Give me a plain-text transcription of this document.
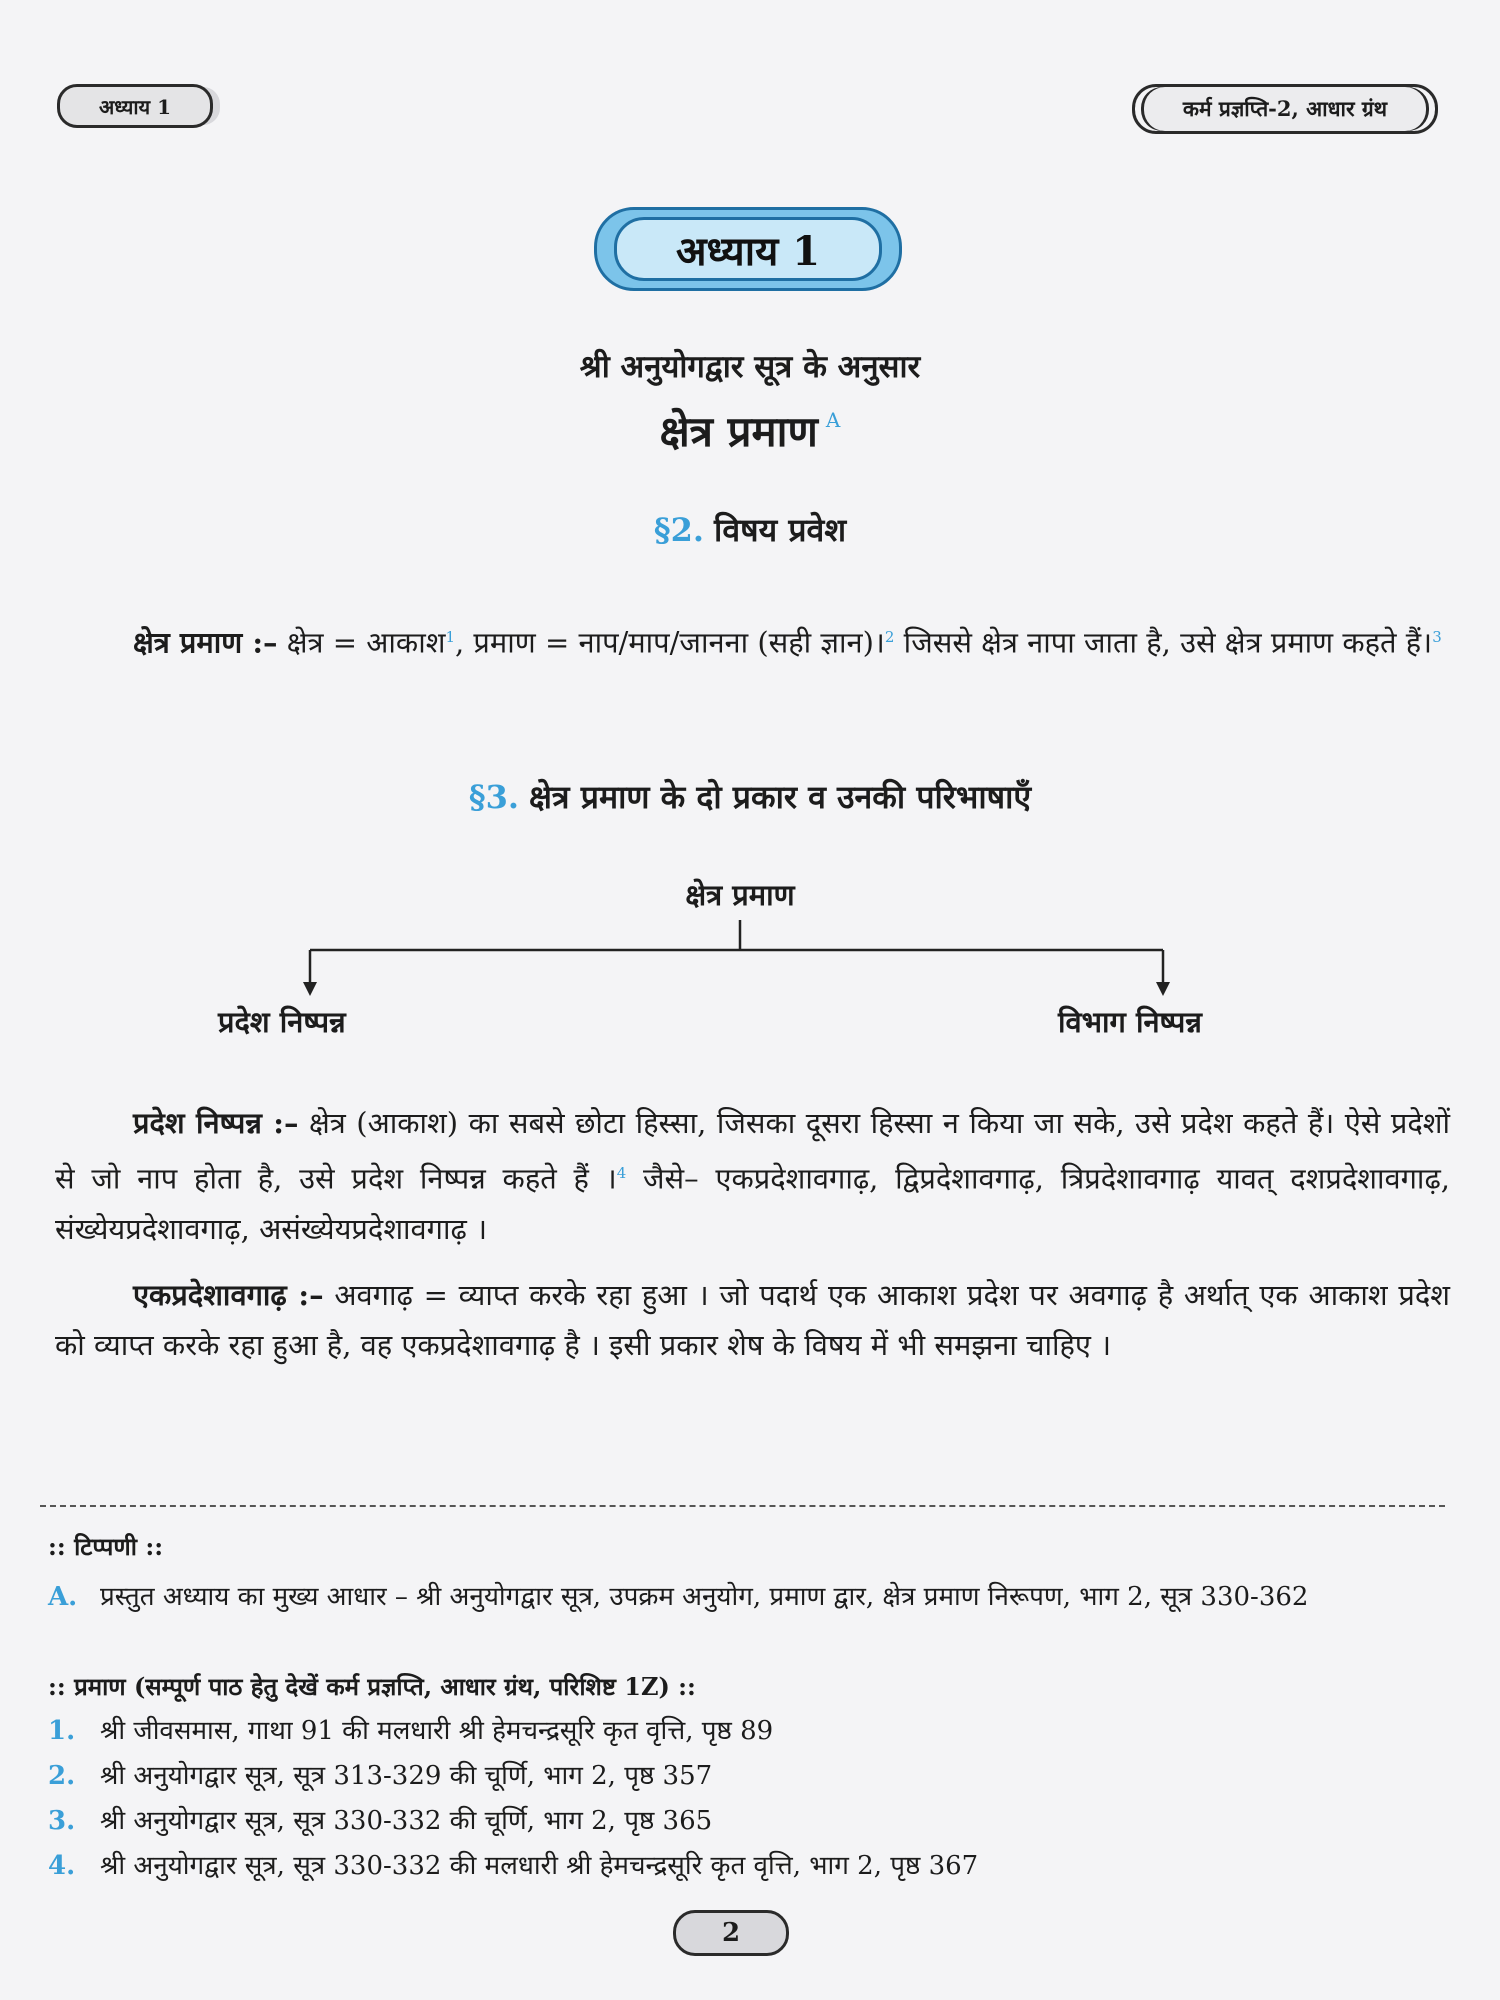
अध्याय 1	कर्म प्रज्ञप्ति-2, आधार ग्रंथ
अध्याय 1
श्री अनुयोगद्वार सूत्र के अनुसार
क्षेत्र प्रमाण $^A$
§2. विषय प्रवेश
क्षेत्र प्रमाण :– क्षेत्र = आकाश$^1$, प्रमाण = नाप/माप/जानना (सही ज्ञान)।$^2$ जिससे क्षेत्र नापा जाता है, उसे क्षेत्र प्रमाण कहते हैं।$^3$
§3. क्षेत्र प्रमाण के दो प्रकार व उनकी परिभाषाएँ
क्षेत्र प्रमाण
प्रदेश निष्पन्न	विभाग निष्पन्न
प्रदेश निष्पन्न :– क्षेत्र (आकाश) का सबसे छोटा हिस्सा, जिसका दूसरा हिस्सा न किया जा सके, उसे प्रदेश कहते हैं। ऐसे प्रदेशों से जो नाप होता है, उसे प्रदेश निष्पन्न कहते हैं ।$^4$ जैसे– एकप्रदेशावगाढ़, द्विप्रदेशावगाढ़, त्रिप्रदेशावगाढ़ यावत् दशप्रदेशावगाढ़, संख्येयप्रदेशावगाढ़, असंख्येयप्रदेशावगाढ़ ।
एकप्रदेशावगाढ़ :– अवगाढ़ = व्याप्त करके रहा हुआ । जो पदार्थ एक आकाश प्रदेश पर अवगाढ़ है अर्थात् एक आकाश प्रदेश को व्याप्त करके रहा हुआ है, वह एकप्रदेशावगाढ़ है । इसी प्रकार शेष के विषय में भी समझना चाहिए ।
:: टिप्पणी ::
A. प्रस्तुत अध्याय का मुख्य आधार – श्री अनुयोगद्वार सूत्र, उपक्रम अनुयोग, प्रमाण द्वार, क्षेत्र प्रमाण निरूपण, भाग 2, सूत्र 330-362
:: प्रमाण (सम्पूर्ण पाठ हेतु देखें कर्म प्रज्ञप्ति, आधार ग्रंथ, परिशिष्ट 1Z) ::
1. श्री जीवसमास, गाथा 91 की मलधारी श्री हेमचन्द्रसूरि कृत वृत्ति, पृष्ठ 89
2. श्री अनुयोगद्वार सूत्र, सूत्र 313-329 की चूर्णि, भाग 2, पृष्ठ 357
3. श्री अनुयोगद्वार सूत्र, सूत्र 330-332 की चूर्णि, भाग 2, पृष्ठ 365
4. श्री अनुयोगद्वार सूत्र, सूत्र 330-332 की मलधारी श्री हेमचन्द्रसूरि कृत वृत्ति, भाग 2, पृष्ठ 367
2
